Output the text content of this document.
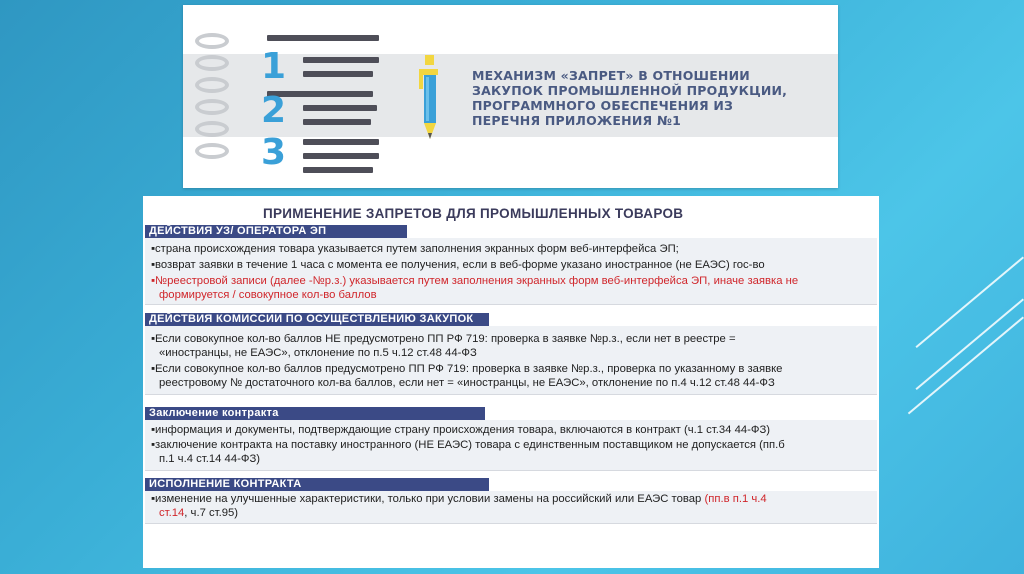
1
2
3
МЕХАНИЗМ «ЗАПРЕТ» В ОТНОШЕНИИ
ЗАКУПОК ПРОМЫШЛЕННОЙ ПРОДУКЦИИ,
ПРОГРАММНОГО ОБЕСПЕЧЕНИЯ ИЗ
ПЕРЕЧНЯ ПРИЛОЖЕНИЯ №1
ПРИМЕНЕНИЕ ЗАПРЕТОВ ДЛЯ ПРОМЫШЛЕННЫХ ТОВАРОВ
ДЕЙСТВИЯ УЗ/ ОПЕРАТОРА ЭП
▪страна происхождения товара указывается путем заполнения экранных форм веб-интерфейса ЭП;
▪возврат заявки в течение 1 часа с момента ее получения, если в веб-форме указано иностранное (не ЕАЭС) гос-во
▪№реестровой записи (далее -№р.з.) указывается путем заполнения экранных форм веб-интерфейса ЭП, иначе заявка не
формируется / совокупное кол-во баллов
ДЕЙСТВИЯ КОМИССИИ ПО ОСУЩЕСТВЛЕНИЮ ЗАКУПОК
▪Если совокупное кол-во баллов НЕ предусмотрено ПП РФ 719: проверка в заявке №р.з., если нет в реестре =
«иностранцы, не ЕАЭС», отклонение по п.5 ч.12 ст.48 44-ФЗ
▪Если совокупное кол-во баллов предусмотрено ПП РФ 719: проверка в заявке №р.з., проверка по указанному в заявке
реестровому № достаточного кол-ва баллов, если нет = «иностранцы, не ЕАЭС», отклонение по п.4 ч.12 ст.48 44-ФЗ
Заключение контракта
▪информация и документы, подтверждающие страну происхождения товара, включаются в контракт (ч.1 ст.34 44-ФЗ)
▪заключение контракта на поставку иностранного (НЕ ЕАЭС) товара с единственным поставщиком не допускается (пп.б
п.1 ч.4 ст.14 44-ФЗ)
ИСПОЛНЕНИЕ КОНТРАКТА
▪изменение на улучшенные характеристики, только при условии замены на российский или ЕАЭС товар (пп.в п.1 ч.4
ст.14, ч.7 ст.95)
